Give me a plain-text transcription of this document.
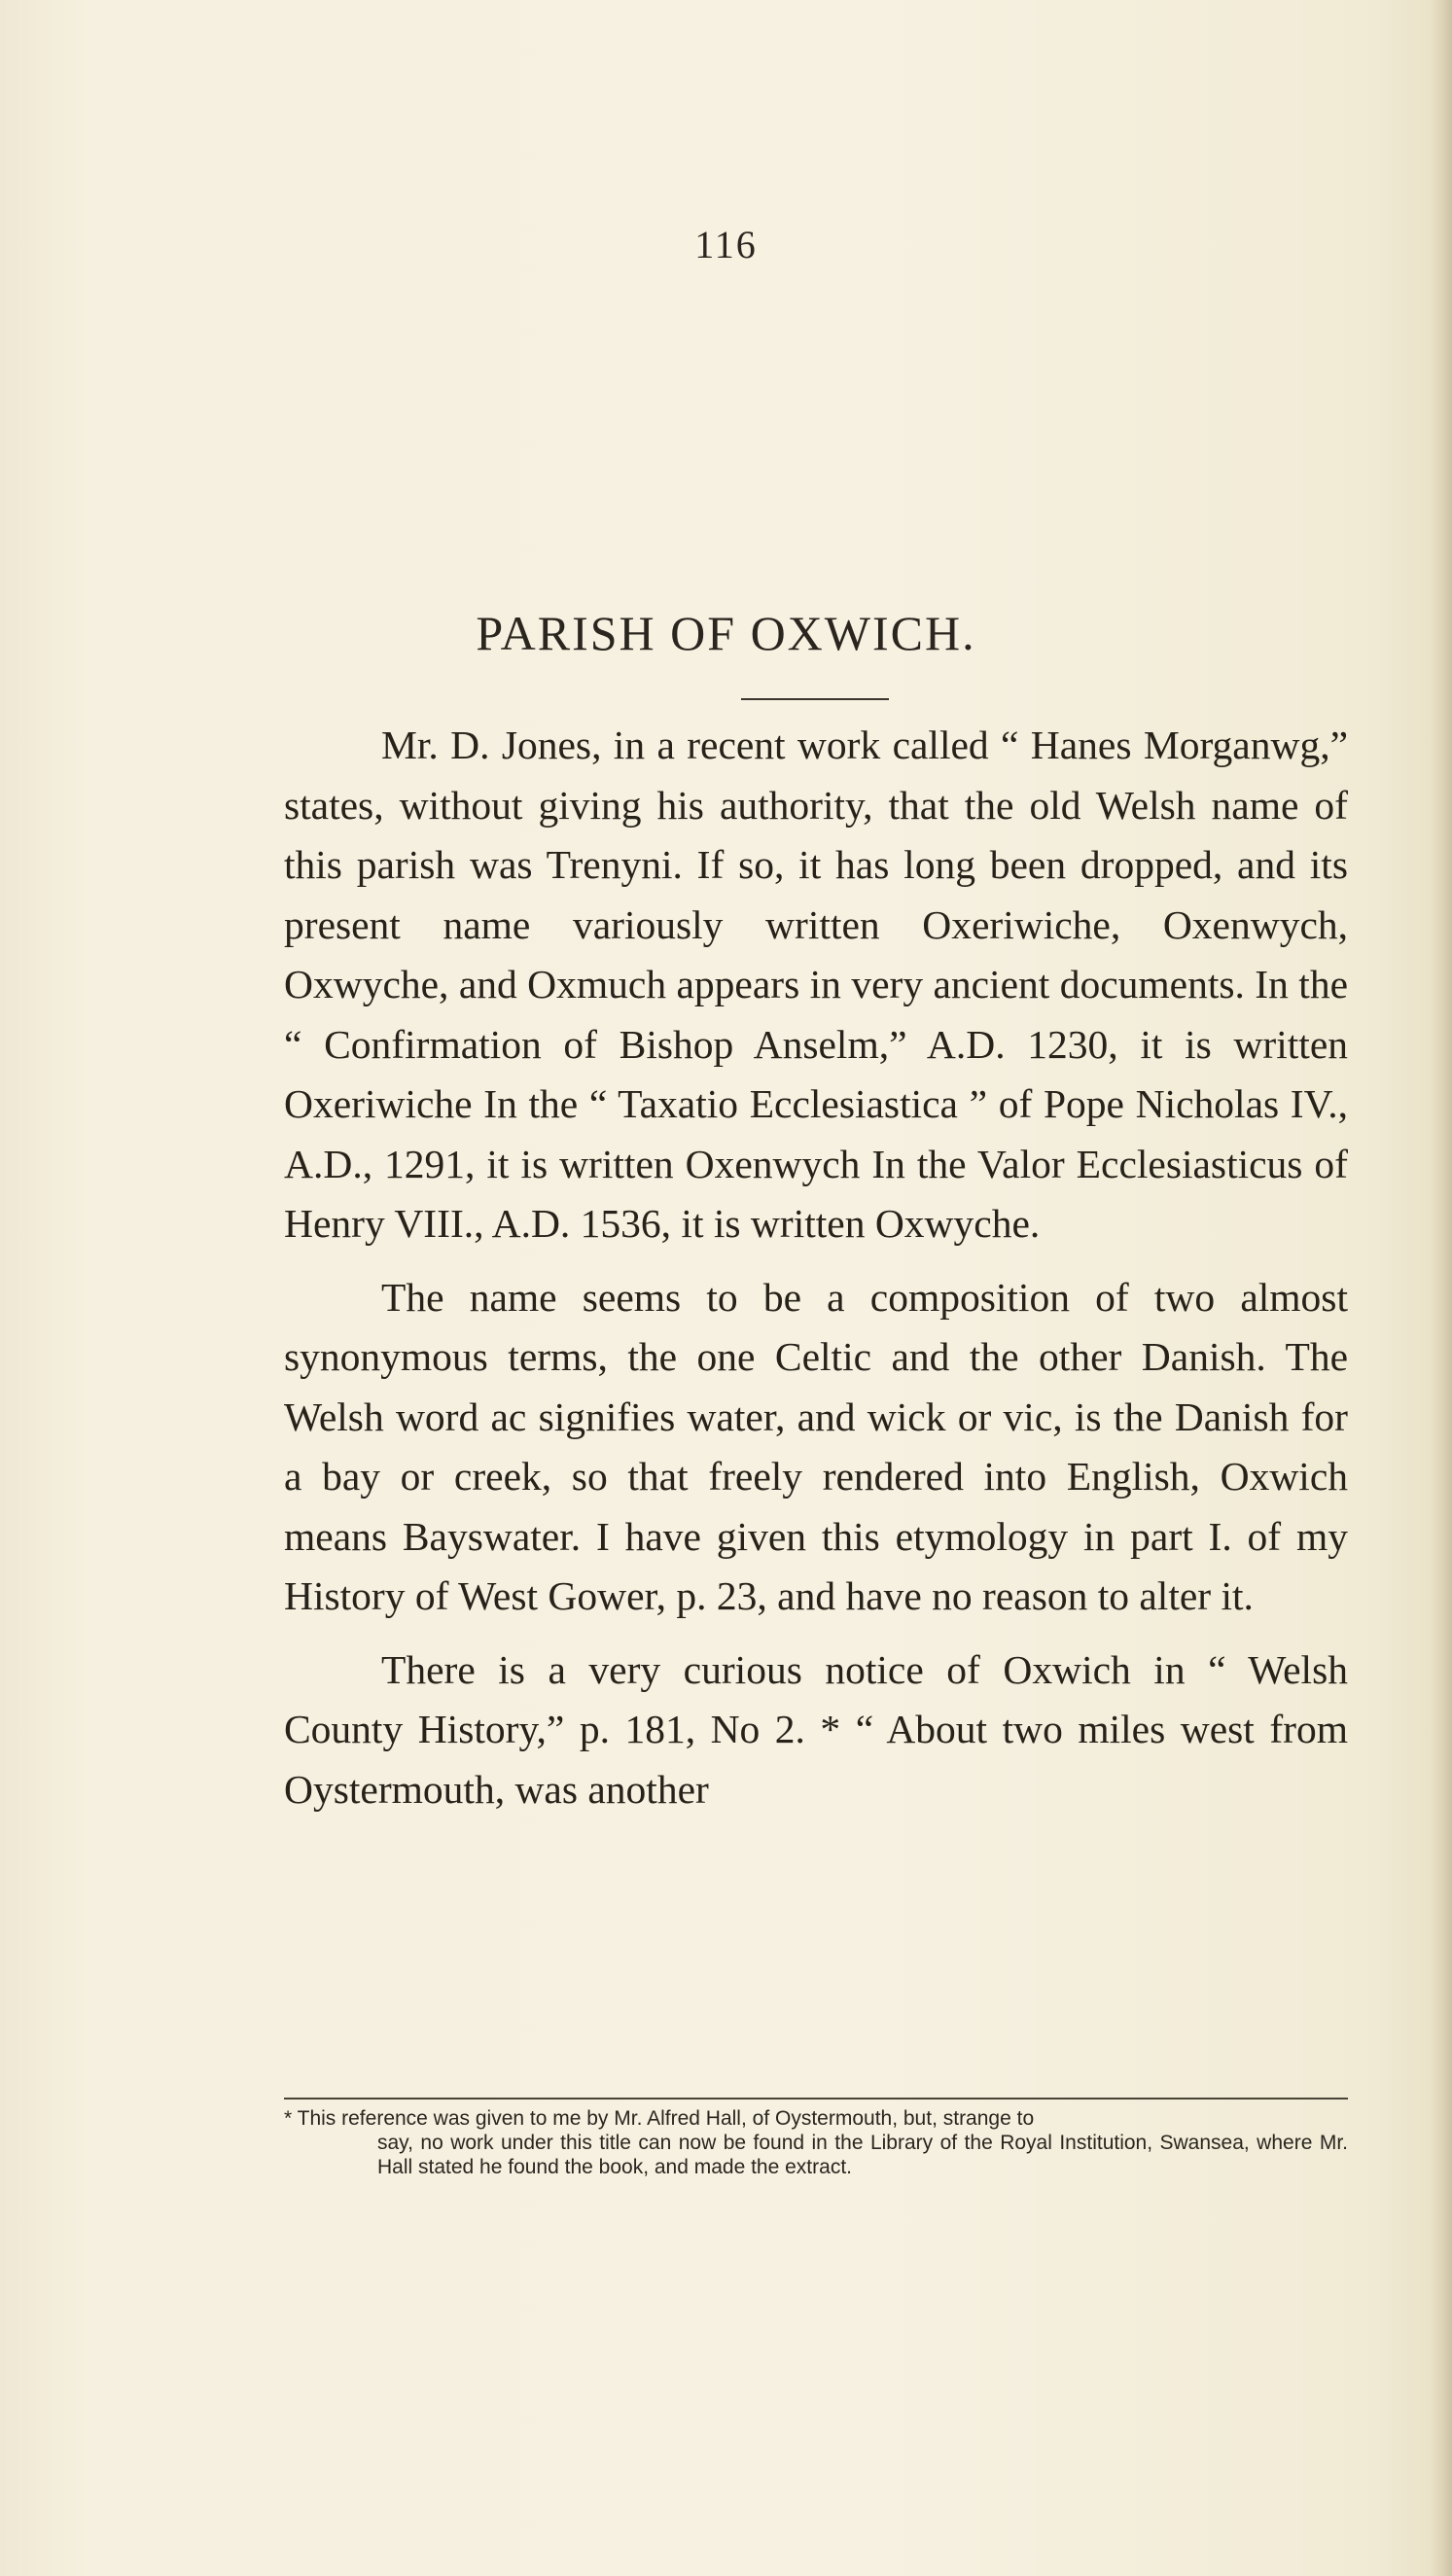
116
PARISH OF OXWICH.

Mr. D. Jones, in a recent work called “ Hanes Morganwg,” states, without giving his authority, that the old Welsh name of this parish was Trenyni. If so, it has long been dropped, and its present name variously written Oxeriwiche, Oxenwych, Oxwyche, and Oxmuch appears in very ancient documents. In the “ Confirmation of Bishop Anselm,” A.D. 1230, it is written Oxeriwiche In the “ Taxatio Ecclesiastica ” of Pope Nicholas IV., A.D., 1291, it is written Oxenwych In the Valor Ecclesiasticus of Henry VIII., A.D. 1536, it is written Oxwyche.

The name seems to be a composition of two almost synonymous terms, the one Celtic and the other Danish. The Welsh word ac signifies water, and wick or vic, is the Danish for a bay or creek, so that freely rendered into English, Oxwich means Bayswater. I have given this etymology in part I. of my History of West Gower, p. 23, and have no reason to alter it.

There is a very curious notice of Oxwich in “ Welsh County History,” p. 181, No 2. * “ About two miles west from Oystermouth, was another

* This reference was given to me by Mr. Alfred Hall, of Oystermouth, but, strange to
say, no work under this title can now be found in the Library of the Royal Institution, Swansea, where Mr. Hall stated he found the book, and made the extract.
